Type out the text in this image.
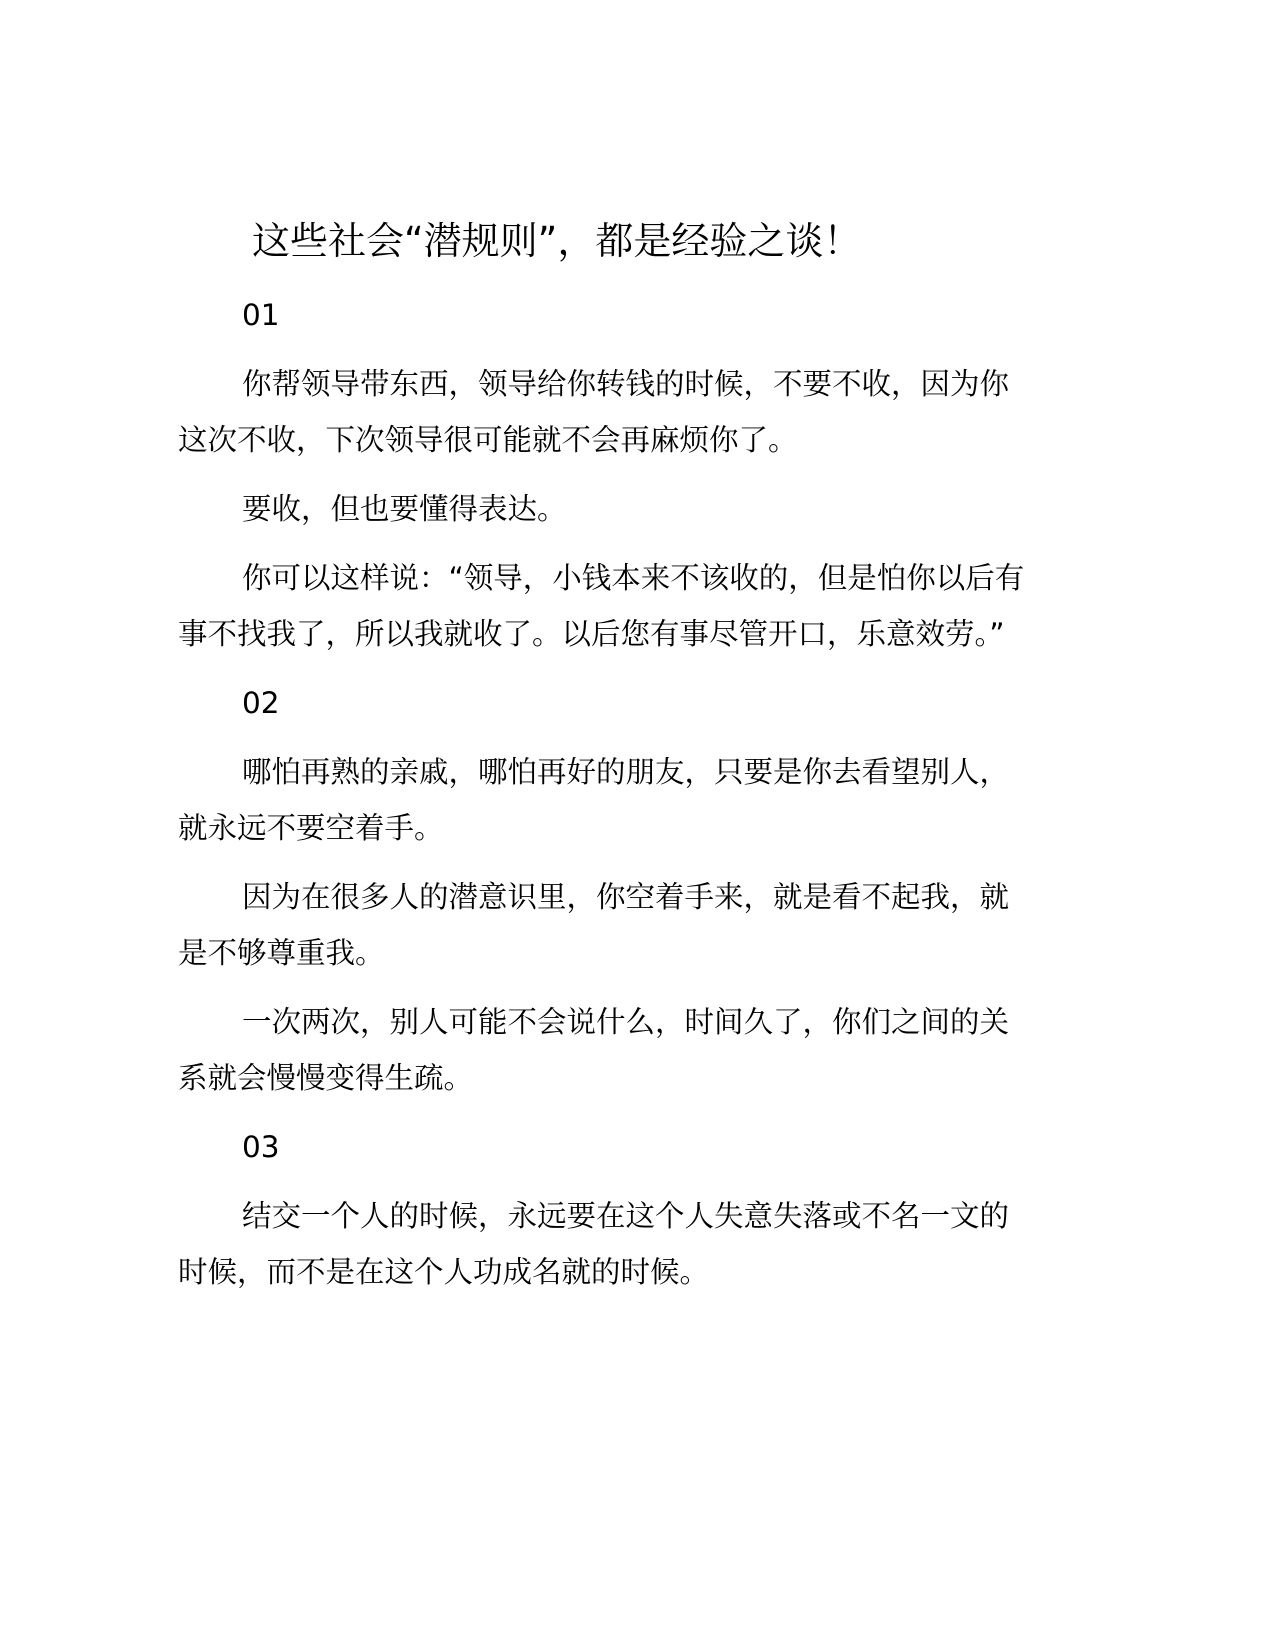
这些社会“潜规则”，都是经验之谈！

01

你帮领导带东西，领导给你转钱的时候，不要不收，因为你这次不收，下次领导很可能就不会再麻烦你了。

要收，但也要懂得表达。

你可以这样说：“领导，小钱本来不该收的，但是怕你以后有事不找我了，所以我就收了。以后您有事尽管开口，乐意效劳。”

02

哪怕再熟的亲戚，哪怕再好的朋友，只要是你去看望别人，就永远不要空着手。

因为在很多人的潜意识里，你空着手来，就是看不起我，就是不够尊重我。

一次两次，别人可能不会说什么，时间久了，你们之间的关系就会慢慢变得生疏。

03

结交一个人的时候，永远要在这个人失意失落或不名一文的时候，而不是在这个人功成名就的时候。
